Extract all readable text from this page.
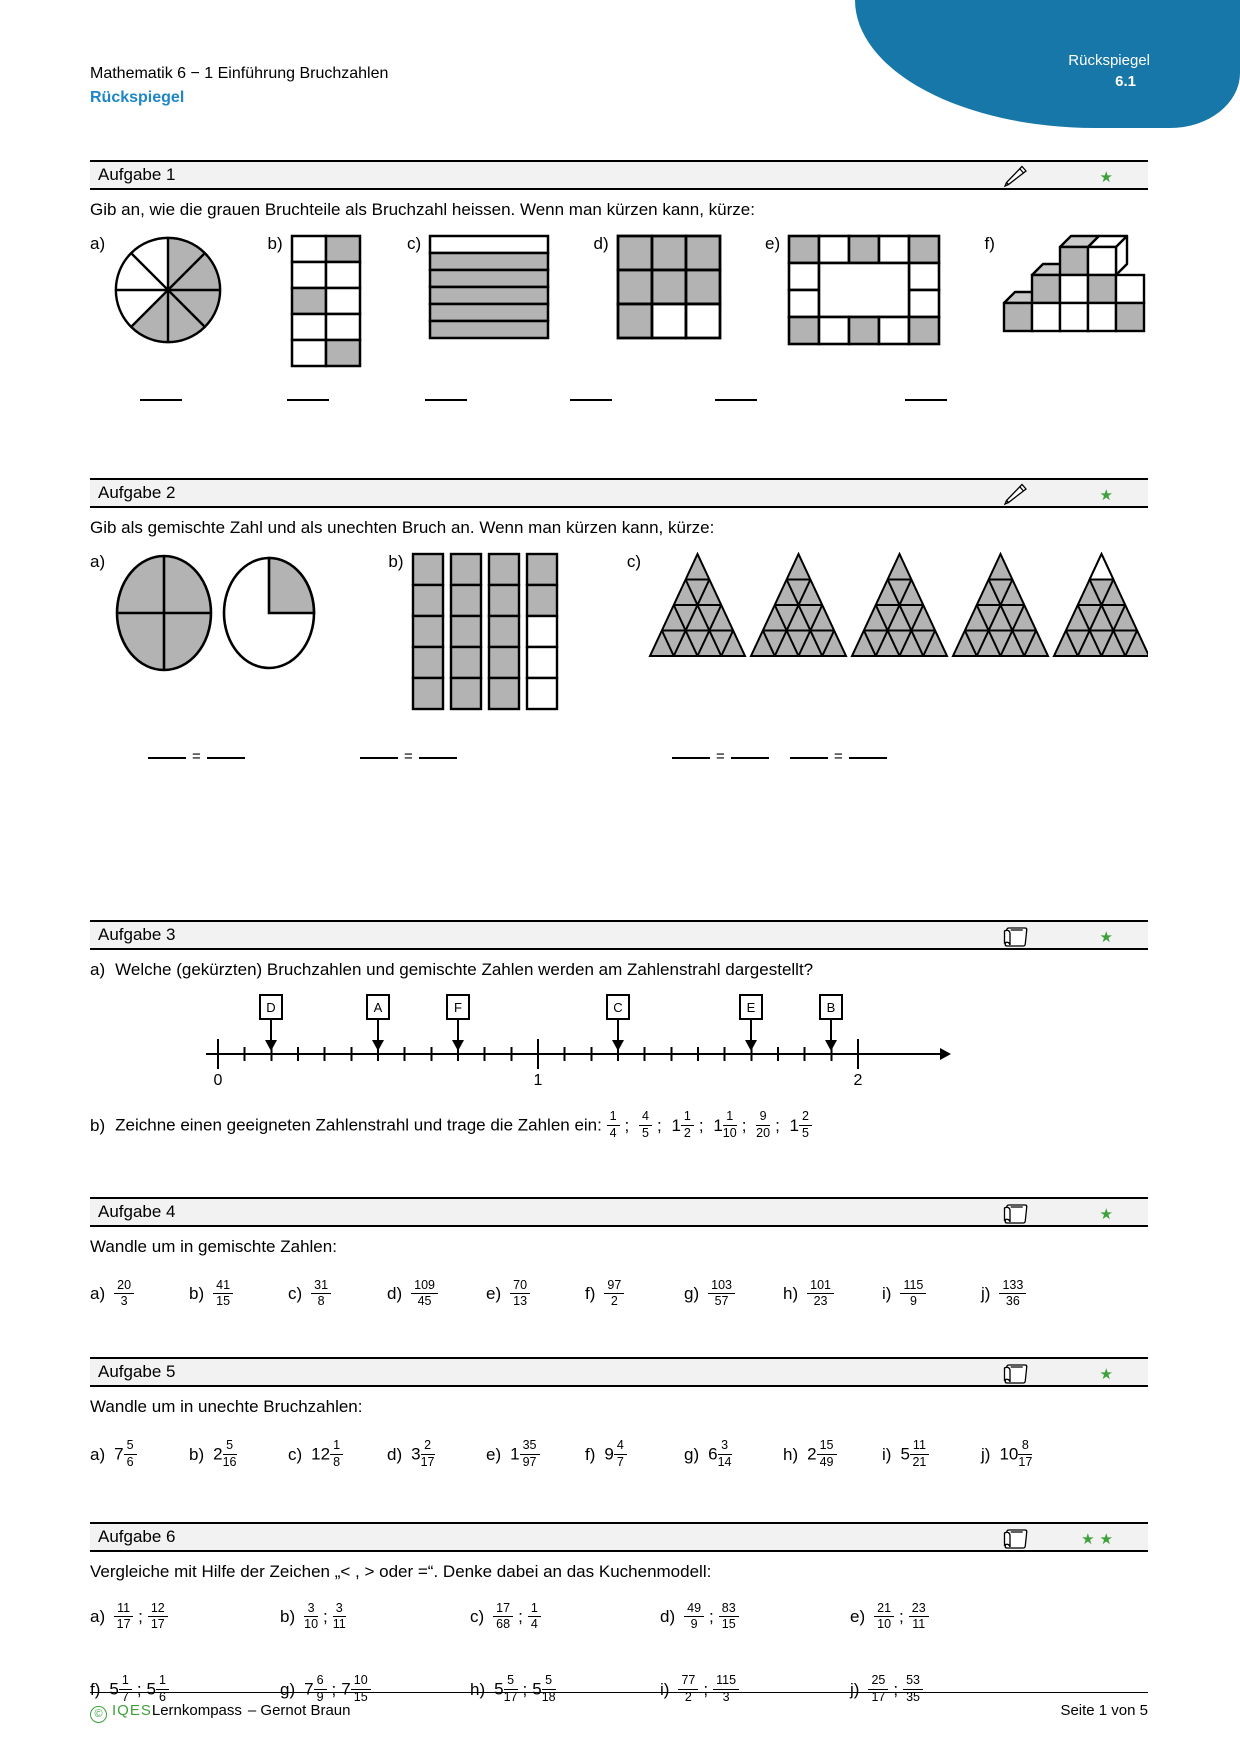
Rückspiegel
6.1
Mathematik 6 − 1 Einführung Bruchzahlen
Rückspiegel
Aufgabe 1	★
Gib an, wie die grauen Bruchteile als Bruchzahl heissen. Wenn man kürzen kann, kürze:
a)	b)	c)	d)	e)	f)
Aufgabe 2	★
Gib als gemischte Zahl und als unechten Bruch an. Wenn man kürzen kann, kürze:
a)	b)	c)
=	=	=	=
Aufgabe 3	★
a) Welche (gekürzten) Bruchzahlen und gemischte Zahlen werden am Zahlenstrahl dargestellt?
0	1	2
D	A	F	C	E	B
b) Zeichne einen geeigneten Zahlenstrahl und trage die Zahlen ein: $\frac{1}{4}$ ; $\frac{4}{5}$ ; $1 \frac{1}{2}$ ; $1 \frac{1}{10}$ ; $\frac{9}{20}$ ; $1 \frac{2}{5}$
Aufgabe 4	★
Wandle um in gemischte Zahlen:
$a) \frac{20}{3}$	$b) \frac{41}{15}$	$c) \frac{31}{8}$	$d) \frac{109}{45}$	$e) \frac{70}{13}$	$f) \frac{97}{2}$	$g) \frac{103}{57}$	$h) \frac{101}{23}$	$i) \frac{115}{9}$	$j) \frac{133}{36}$
Aufgabe 5	★
Wandle um in unechte Bruchzahlen:
a) $7 \frac{5}{6}$	b) $2 \frac{5}{16}$	c) $12 \frac{1}{8}$	d) $3 \frac{2}{17}$	e) $1 \frac{35}{97}$	f) $9 \frac{4}{7}$	g) $6 \frac{3}{14}$	h) $2 \frac{15}{49}$	i) $5 \frac{11}{21}$	j) $10 \frac{8}{17}$
Aufgabe 6	★★
Vergleiche mit Hilfe der Zeichen „< , > oder =“. Denke dabei an das Kuchenmodell:
$a) \frac{11}{17}$ ; $\frac{12}{17}$	$b) \frac{3}{10}$ ; $\frac{3}{11}$	$c) \frac{17}{68}$ ; $\frac{1}{4}$	$d) \frac{49}{9}$ ; $\frac{83}{15}$	$e) \frac{21}{10}$ ; $\frac{23}{11}$
f) $5 \frac{1}{7}$ ; $5 \frac{1}{6}$	g) $7 \frac{6}{9}$ ; $7 \frac{10}{15}$	h) $5 \frac{5}{17}$ ; $5 \frac{5}{18}$	$i) \frac{77}{2}$ ; $\frac{115}{3}$	$j) \frac{25}{17}$ ; $\frac{53}{35}$
© IQESLernkompass – Gernot Braun	Seite 1 von 5
